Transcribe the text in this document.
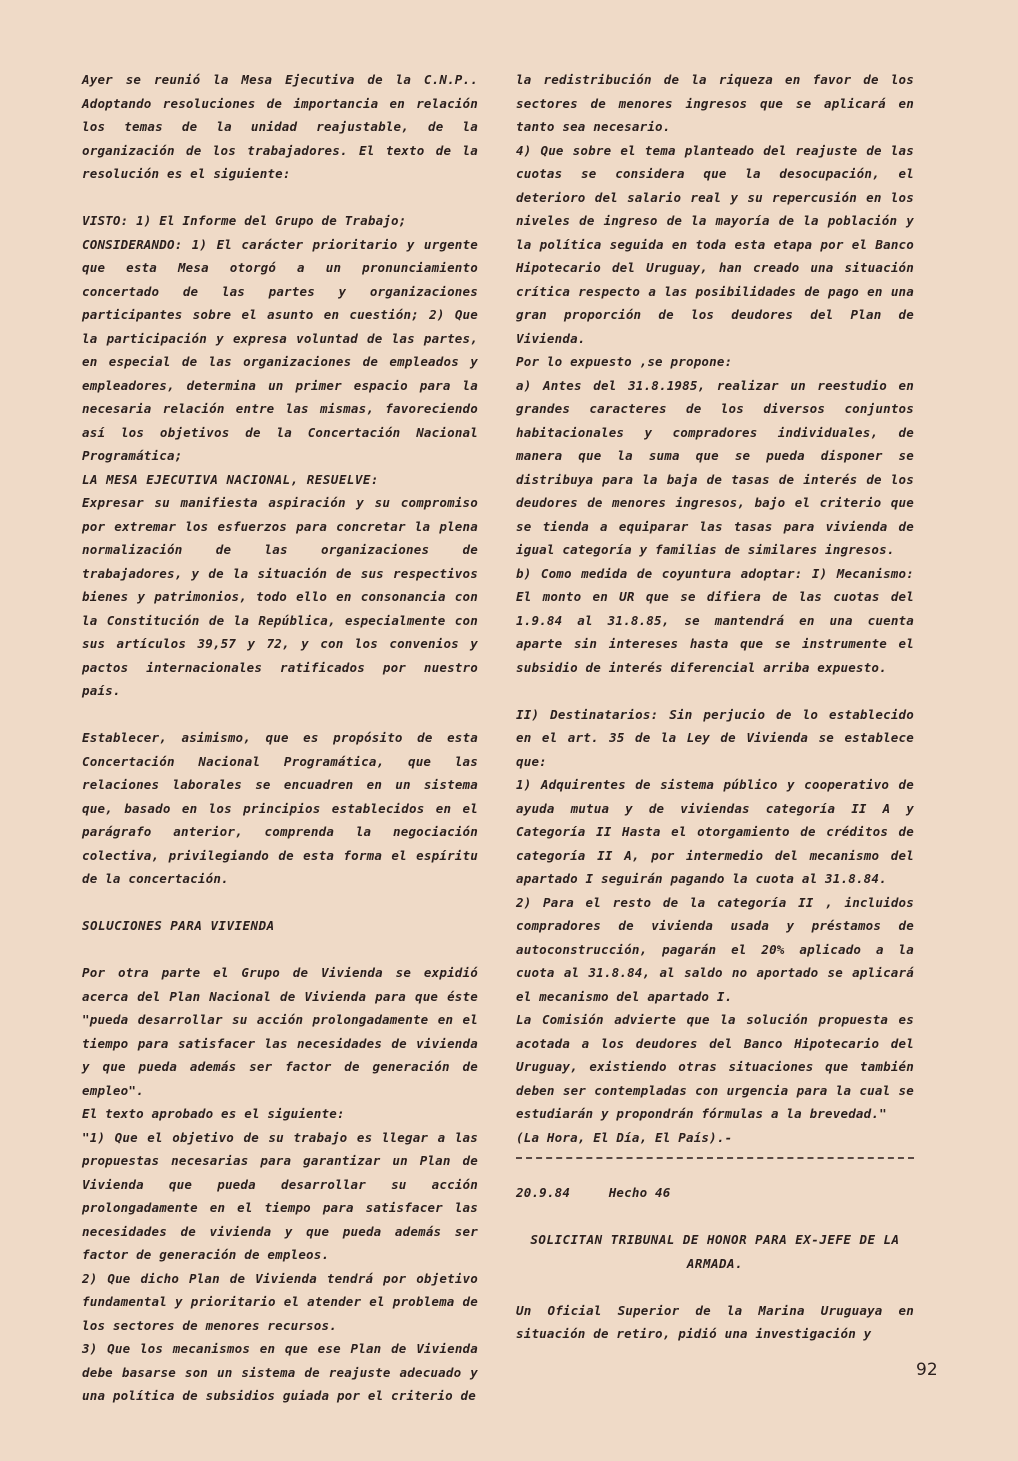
Ayer se reunió la Mesa Ejecutiva de la C.N.P.. Adoptando resoluciones de importancia en relación los temas de la unidad reajustable, de la organización de los trabajadores. El texto de la resolución es el siguiente:

VISTO: 1) El Informe del Grupo de Trabajo;

CONSIDERANDO: 1) El carácter prioritario y urgente que esta Mesa otorgó a un pronunciamiento concertado de las partes y organizaciones participantes sobre el asunto en cuestión; 2) Que la participación y expresa voluntad de las partes, en especial de las organizaciones de empleados y empleadores, determina un primer espacio para la necesaria relación entre las mismas, favoreciendo así los objetivos de la Concertación Nacional Programática;

LA MESA EJECUTIVA NACIONAL, RESUELVE:

Expresar su manifiesta aspiración y su compromiso por extremar los esfuerzos para concretar la plena normalización de las organizaciones de trabajadores, y de la situación de sus respectivos bienes y patrimonios, todo ello en consonancia con la Constitución de la República, especialmente con sus artículos 39,57 y 72, y con los convenios y pactos internacionales ratificados por nuestro país.

Establecer, asimismo, que es propósito de esta Concertación Nacional Programática, que las relaciones laborales se encuadren en un sistema que, basado en los principios establecidos en el parágrafo anterior, comprenda la negociación colectiva, privilegiando de esta forma el espíritu de la concertación.

SOLUCIONES PARA VIVIENDA

Por otra parte el Grupo de Vivienda se expidió acerca del Plan Nacional de Vivienda para que éste "pueda desarrollar su acción prolongadamente en el tiempo para satisfacer las necesidades de vivienda y que pueda además ser factor de generación de empleo".

El texto aprobado es el siguiente:

"1) Que el objetivo de su trabajo es llegar a las propuestas necesarias para garantizar un Plan de Vivienda que pueda desarrollar su acción prolongadamente en el tiempo para satisfacer las necesidades de vivienda y que pueda además ser factor de generación de empleos.

2) Que dicho Plan de Vivienda tendrá por objetivo fundamental y prioritario el atender el problema de los sectores de menores recursos.

3) Que los mecanismos en que ese Plan de Vivienda debe basarse son un sistema de reajuste adecuado y una política de subsidios guiada por el criterio de

la redistribución de la riqueza en favor de los sectores de menores ingresos que se aplicará en tanto sea necesario.

4) Que sobre el tema planteado del reajuste de las cuotas se considera que la desocupación, el deterioro del salario real y su repercusión en los niveles de ingreso de la mayoría de la población y la política seguida en toda esta etapa por el Banco Hipotecario del Uruguay, han creado una situación crítica respecto a las posibilidades de pago en una gran proporción de los deudores del Plan de Vivienda.

Por lo expuesto ,se propone:

a) Antes del 31.8.1985, realizar un reestudio en grandes caracteres de los diversos conjuntos habitacionales y compradores individuales, de manera que la suma que se pueda disponer se distribuya para la baja de tasas de interés de los deudores de menores ingresos, bajo el criterio que se tienda a equiparar las tasas para vivienda de igual categoría y familias de similares ingresos.

b) Como medida de coyuntura adoptar: I) Mecanismo: El monto en UR que se difiera de las cuotas del 1.9.84 al 31.8.85, se mantendrá en una cuenta aparte sin intereses hasta que se instrumente el subsidio de interés diferencial arriba expuesto.

II) Destinatarios: Sin perjucio de lo establecido en el art. 35 de la Ley de Vivienda se establece que:

1) Adquirentes de sistema público y cooperativo de ayuda mutua y de viviendas categoría II A y Categoría II Hasta el otorgamiento de créditos de categoría II A, por intermedio del mecanismo del apartado I seguirán pagando la cuota al 31.8.84.

2) Para el resto de la categoría II , incluidos compradores de vivienda usada y préstamos de autoconstrucción, pagarán el 20% aplicado a la cuota al 31.8.84, al saldo no aportado se aplicará el mecanismo del apartado I.

La Comisión advierte que la solución propuesta es acotada a los deudores del Banco Hipotecario del Uruguay, existiendo otras situaciones que también deben ser contempladas con urgencia para la cual se estudiarán y propondrán fórmulas a la brevedad."

(La Hora, El Día, El País).-

20.9.84     Hecho 46

SOLICITAN TRIBUNAL DE HONOR PARA EX-JEFE DE LA ARMADA.

Un Oficial Superior de la Marina Uruguaya en situación de retiro, pidió una investigación y

92
